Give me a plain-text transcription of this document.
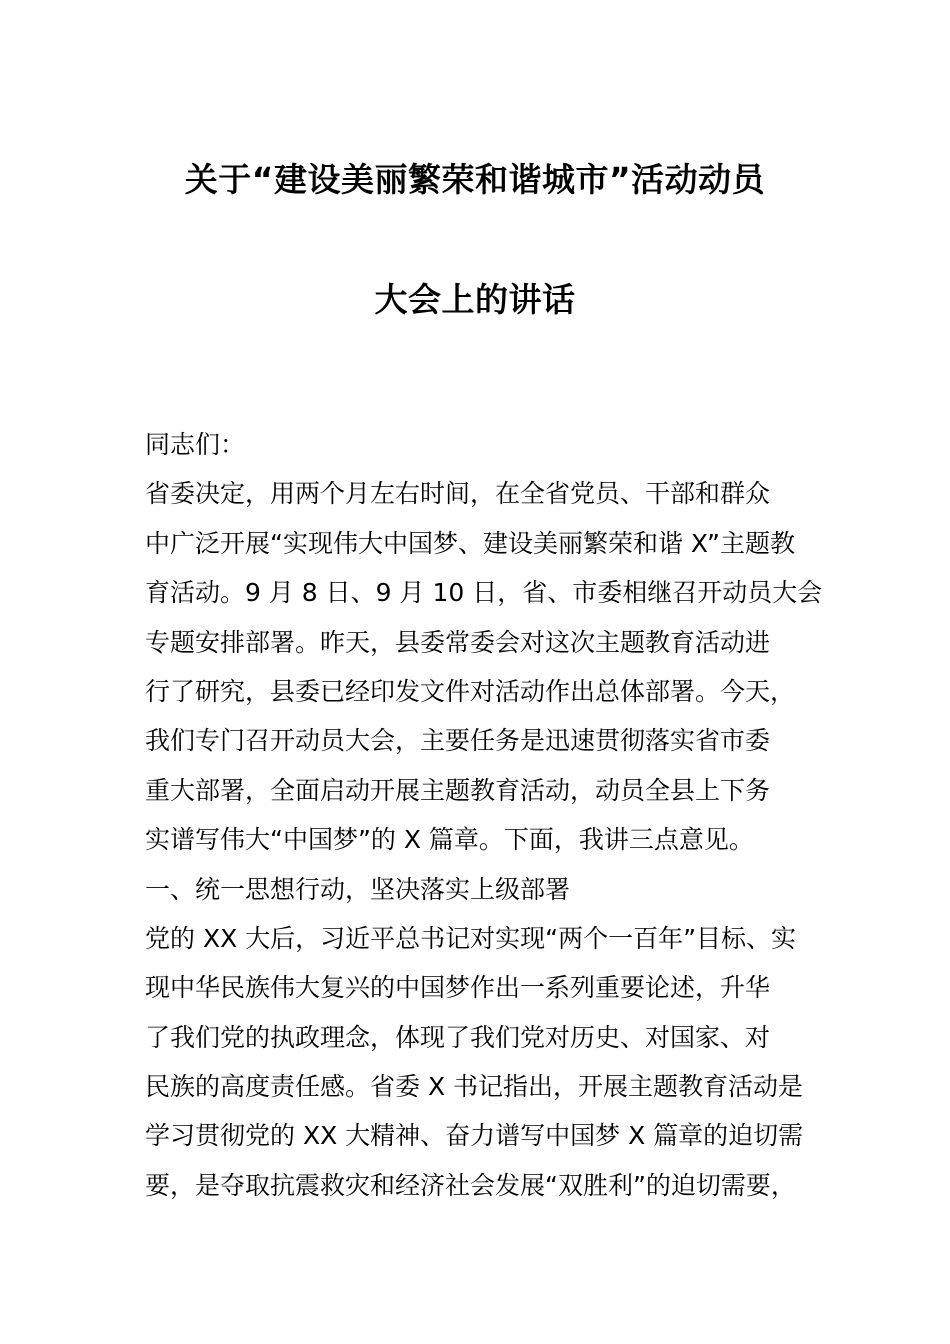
关于“建设美丽繁荣和谐城市”活动动员
大会上的讲话
同志们：
省委决定，用两个月左右时间，在全省党员、干部和群众
中广泛开展“实现伟大中国梦、建设美丽繁荣和谐 X”主题教
育活动。9 月 8 日、9 月 10 日，省、市委相继召开动员大会
专题安排部署。昨天，县委常委会对这次主题教育活动进
行了研究，县委已经印发文件对活动作出总体部署。今天，
我们专门召开动员大会，主要任务是迅速贯彻落实省市委
重大部署，全面启动开展主题教育活动，动员全县上下务
实谱写伟大“中国梦”的 X 篇章。下面，我讲三点意见。
一、统一思想行动，坚决落实上级部署
党的 XX 大后，习近平总书记对实现“两个一百年”目标、实
现中华民族伟大复兴的中国梦作出一系列重要论述，升华
了我们党的执政理念，体现了我们党对历史、对国家、对
民族的高度责任感。省委 X 书记指出，开展主题教育活动是
学习贯彻党的 XX 大精神、奋力谱写中国梦 X 篇章的迫切需
要，是夺取抗震救灾和经济社会发展“双胜利”的迫切需要，
